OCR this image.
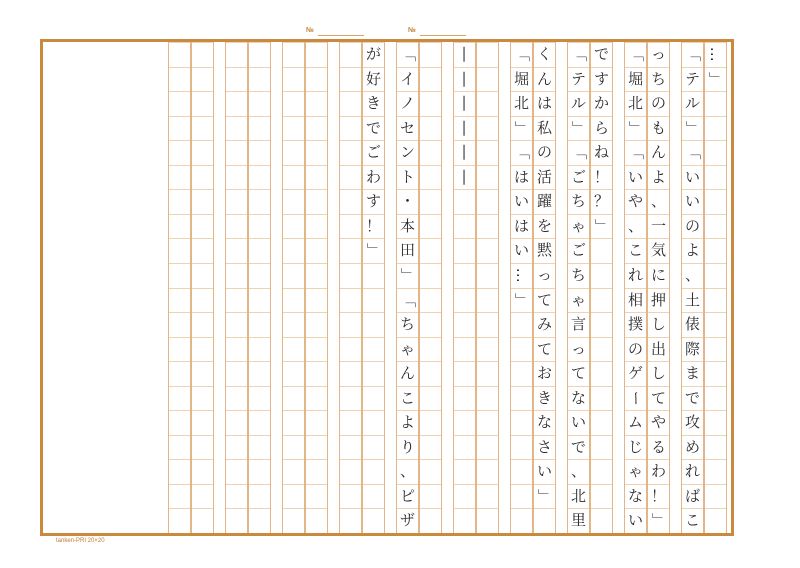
№	№
…
」
「
テ
ル
」
「
い
い
の
よ
、
土
俵
際
ま
で
攻
め
れ
ば
こ
っ
ち
の
も
ん
よ
、
一
気
に
押
し
出
し
て
や
る
わ
！
」
「
堀
北
」
「
い
や
、
こ
れ
相
撲
の
ゲ
ー
ム
じ
ゃ
な
い
で
す
か
ら
ね
！
？
」
「
テ
ル
」
「
ご
ち
ゃ
ご
ち
ゃ
言
っ
て
な
い
で
、
北
里
く
ん
は
私
の
活
躍
を
黙
っ
て
み
て
お
き
な
さ
い
」
「
堀
北
」
「
は
い
は
い
…
」
―
―
―
―
―
―
「
イ
ノ
セ
ン
ト
・
本
田
」
「
ち
ゃ
ん
こ
よ
り
、
ピ
ザ
が
好
き
で
ご
わ
す
！
」
tanken-PRI 20×20
